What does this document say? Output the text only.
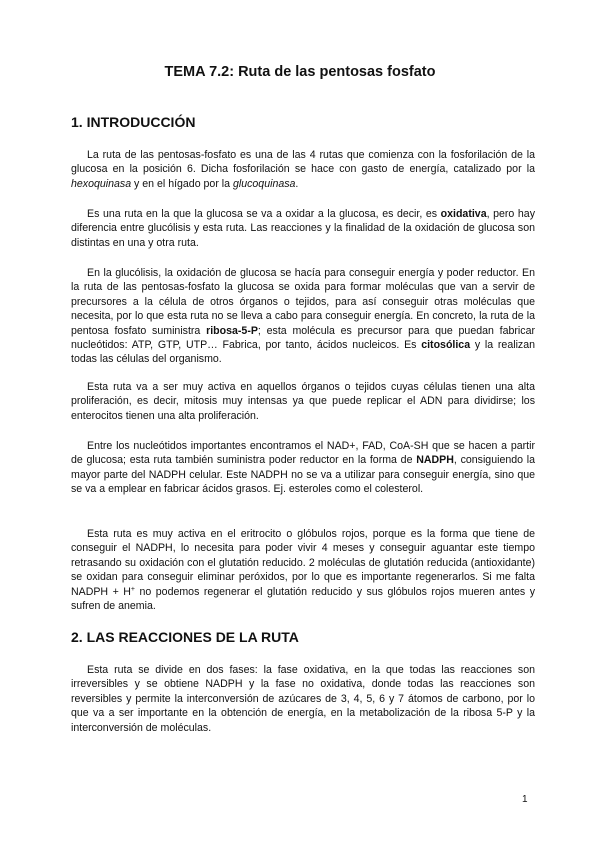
TEMA 7.2: Ruta de las pentosas fosfato
1. INTRODUCCIÓN

La ruta de las pentosas-fosfato es una de las 4 rutas que comienza con la fosforilación de la glucosa en la posición 6. Dicha fosforilación se hace con gasto de energía, catalizado por la hexoquinasa y en el hígado por la glucoquinasa.

Es una ruta en la que la glucosa se va a oxidar a la glucosa, es decir, es oxidativa, pero hay diferencia entre glucólisis y esta ruta. Las reacciones y la finalidad de la oxidación de glucosa son distintas en una y otra ruta.

En la glucólisis, la oxidación de glucosa se hacía para conseguir energía y poder reductor. En la ruta de las pentosas-fosfato la glucosa se oxida para formar moléculas que van a servir de precursores a la célula de otros órganos o tejidos, para así conseguir otras moléculas que necesita, por lo que esta ruta no se lleva a cabo para conseguir energía. En concreto, la ruta de la pentosa fosfato suministra ribosa-5-P; esta molécula es precursor para que puedan fabricar nucleótidos: ATP, GTP, UTP… Fabrica, por tanto, ácidos nucleicos. Es citosólica y la realizan todas las células del organismo.

Esta ruta va a ser muy activa en aquellos órganos o tejidos cuyas células tienen una alta proliferación, es decir, mitosis muy intensas ya que puede replicar el ADN para dividirse; los enterocitos tienen una alta proliferación.

Entre los nucleótidos importantes encontramos el NAD+, FAD, CoA-SH que se hacen a partir de glucosa; esta ruta también suministra poder reductor en la forma de NADPH, consiguiendo la mayor parte del NADPH celular. Este NADPH no se va a utilizar para conseguir energía, sino que se va a emplear en fabricar ácidos grasos. Ej. esteroles como el colesterol.

Esta ruta es muy activa en el eritrocito o glóbulos rojos, porque es la forma que tiene de conseguir el NADPH, lo necesita para poder vivir 4 meses y conseguir aguantar este tiempo retrasando su oxidación con el glutatión reducido. 2 moléculas de glutatión reducida (antioxidante) se oxidan para conseguir eliminar peróxidos, por lo que es importante regenerarlos. Si me falta NADPH + H+ no podemos regenerar el glutatión reducido y sus glóbulos rojos mueren antes y sufren de anemia.

2. LAS REACCIONES DE LA RUTA

Esta ruta se divide en dos fases: la fase oxidativa, en la que todas las reacciones son irreversibles y se obtiene NADPH y la fase no oxidativa, donde todas las reacciones son reversibles y permite la interconversión de azúcares de 3, 4, 5, 6 y 7 átomos de carbono, por lo que va a ser importante en la obtención de energía, en la metabolización de la ribosa 5-P y la interconversión de moléculas.

1
